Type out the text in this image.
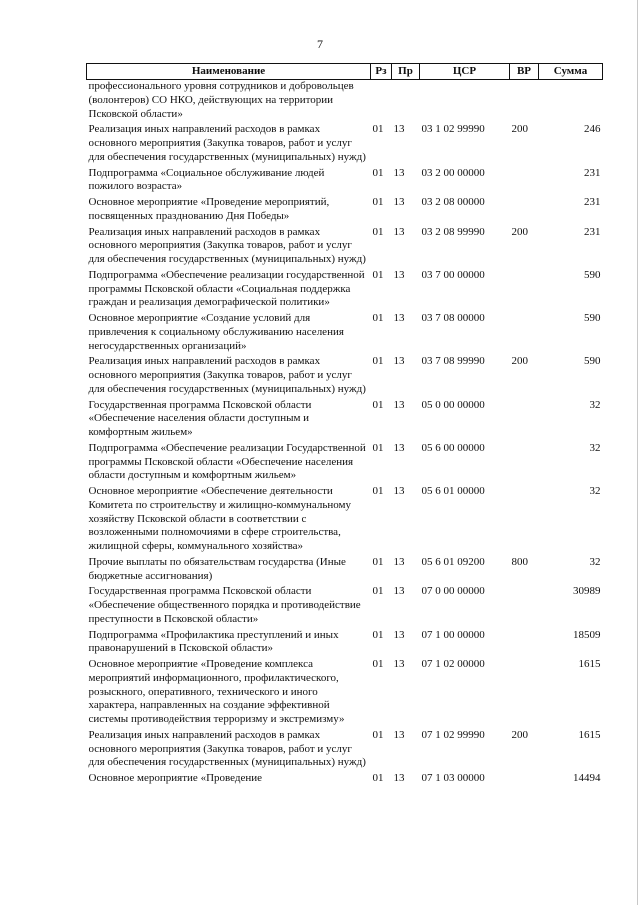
7
Наименование	Рз	Пр	ЦСР	ВР	Сумма
профессионального уровня сотрудников и добровольцев (волонтеров) СО НКО, действующих на территории Псковской области»					
Реализация иных направлений расходов в рамках основного мероприятия (Закупка товаров, работ и услуг для обеспечения государственных (муниципальных) нужд)	01	13	03 1 02 99990	200	246
Подпрограмма «Социальное обслуживание людей пожилого возраста»	01	13	03 2 00 00000		231
Основное мероприятие «Проведение мероприятий, посвященных празднованию Дня Победы»	01	13	03 2 08 00000		231
Реализация иных направлений расходов в рамках основного мероприятия (Закупка товаров, работ и услуг для обеспечения государственных (муниципальных) нужд)	01	13	03 2 08 99990	200	231
Подпрограмма «Обеспечение реализации государственной программы Псковской области «Социальная поддержка граждан и реализация демографической политики»	01	13	03 7 00 00000		590
Основное мероприятие «Создание условий для привлечения к социальному обслуживанию населения негосударственных организаций»	01	13	03 7 08 00000		590
Реализация иных направлений расходов в рамках основного мероприятия (Закупка товаров, работ и услуг для обеспечения государственных (муниципальных) нужд)	01	13	03 7 08 99990	200	590
Государственная программа Псковской области «Обеспечение населения области доступным и комфортным жильем»	01	13	05 0 00 00000		32
Подпрограмма «Обеспечение реализации Государственной программы Псковской области «Обеспечение населения области доступным и комфортным жильем»	01	13	05 6 00 00000		32
Основное мероприятие «Обеспечение деятельности Комитета по строительству и жилищно-коммунальному хозяйству Псковской области в соответствии с возложенными полномочиями в сфере строительства, жилищной сферы, коммунального хозяйства»	01	13	05 6 01 00000		32
Прочие выплаты по обязательствам государства (Иные бюджетные ассигнования)	01	13	05 6 01 09200	800	32
Государственная программа Псковской области «Обеспечение общественного порядка и противодействие преступности в Псковской области»	01	13	07 0 00 00000		30989
Подпрограмма «Профилактика преступлений и иных правонарушений в Псковской области»	01	13	07 1 00 00000		18509
Основное мероприятие «Проведение комплекса мероприятий информационного, профилактического, розыскного, оперативного, технического и иного характера, направленных на создание эффективной системы противодействия терроризму и экстремизму»	01	13	07 1 02 00000		1615
Реализация иных направлений расходов в рамках основного мероприятия (Закупка товаров, работ и услуг для обеспечения государственных (муниципальных) нужд)	01	13	07 1 02 99990	200	1615
Основное мероприятие «Проведение	01	13	07 1 03 00000		14494
